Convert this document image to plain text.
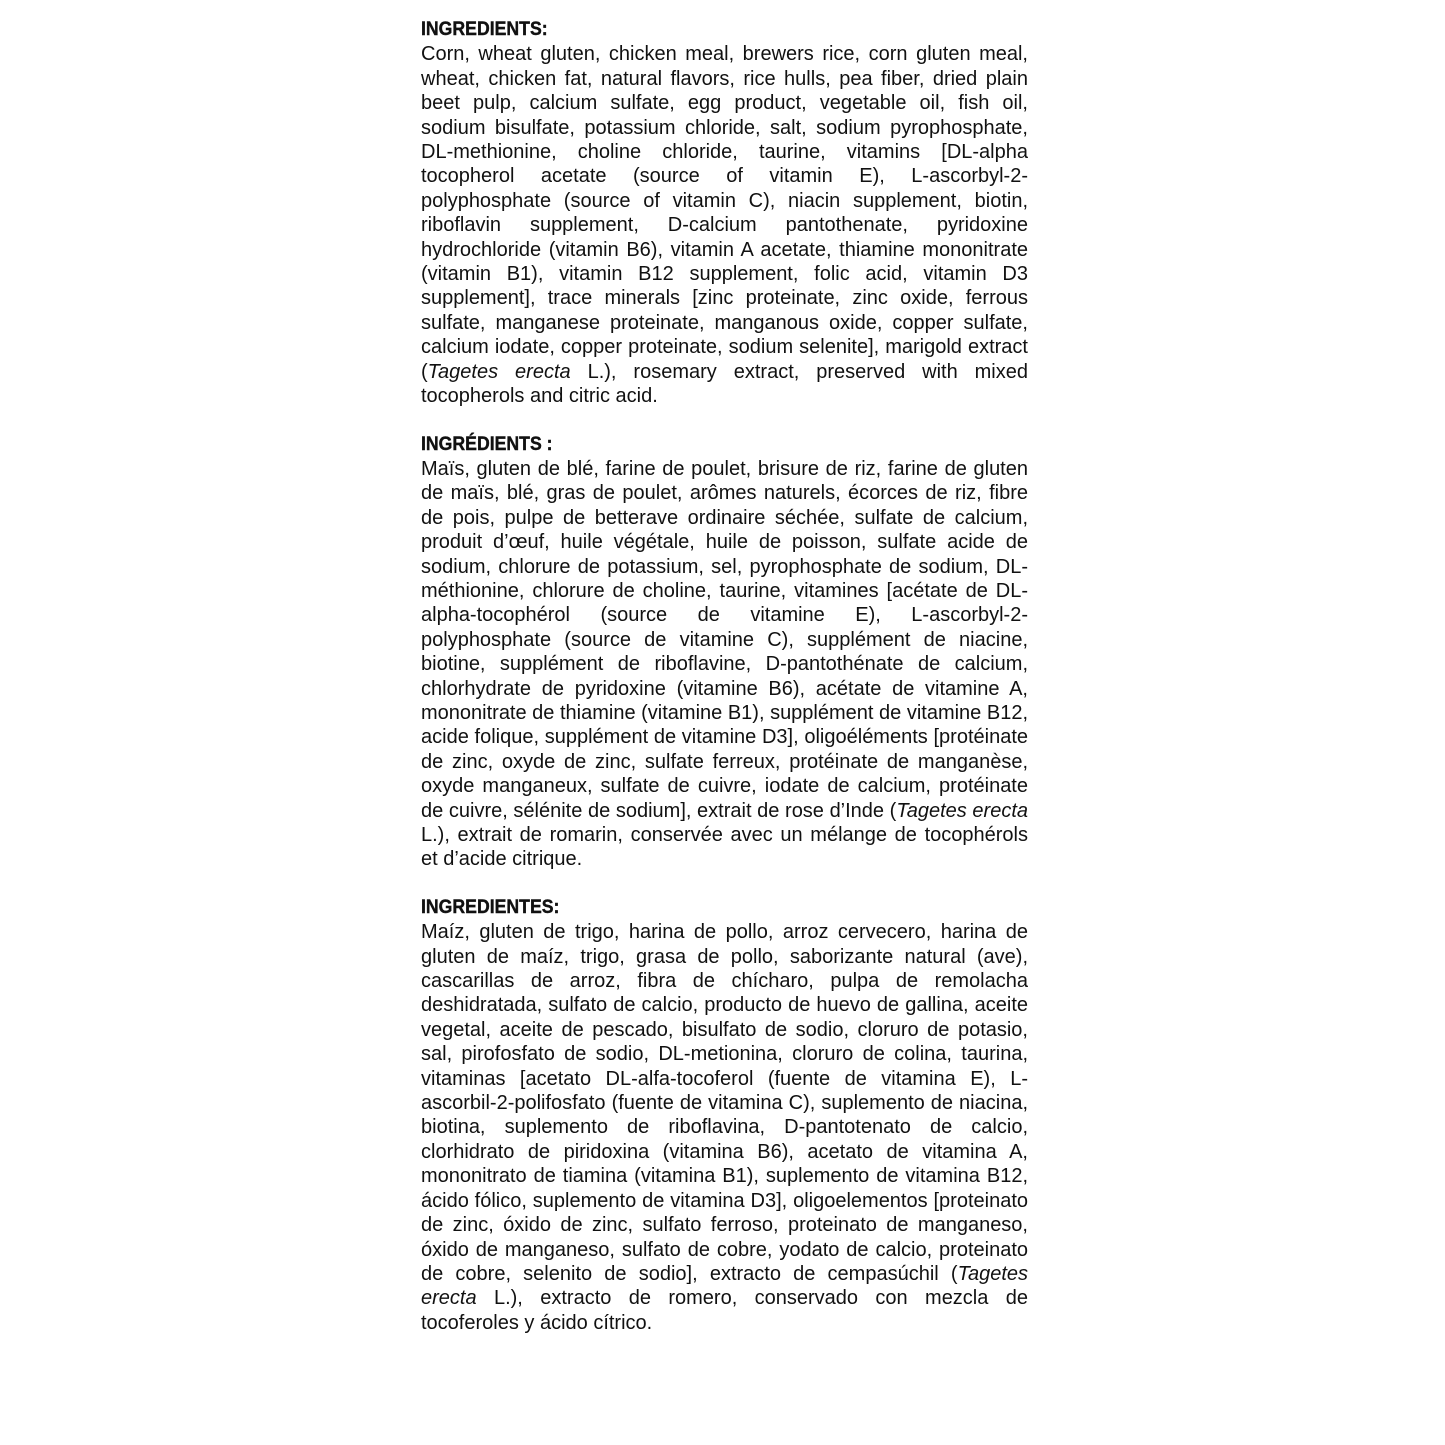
INGREDIENTS:
Corn, wheat gluten, chicken meal, brewers rice, corn gluten meal, wheat, chicken fat, natural flavors, rice hulls, pea fiber, dried plain beet pulp, calcium sulfate, egg product, vegetable oil, fish oil, sodium bisulfate, potassium chloride, salt, sodium pyrophosphate, DL-methionine, choline chloride, taurine, vitamins [DL-alpha tocopherol acetate (source of vitamin E), L-ascorbyl-2-polyphosphate (source of vitamin C), niacin supplement, biotin, riboflavin supplement, D-calcium pantothenate, pyridoxine hydrochloride (vitamin B6), vitamin A acetate, thiamine mononitrate (vitamin B1), vitamin B12 supplement, folic acid, vitamin D3 supplement], trace minerals [zinc proteinate, zinc oxide, ferrous sulfate, manganese proteinate, manganous oxide, copper sulfate, calcium iodate, copper proteinate, sodium selenite], marigold extract (Tagetes erecta L.), rosemary extract, preserved with mixed tocopherols and citric acid.
INGRÉDIENTS :
Maïs, gluten de blé, farine de poulet, brisure de riz, farine de gluten de maïs, blé, gras de poulet, arômes naturels, écorces de riz, fibre de pois, pulpe de betterave ordinaire séchée, sulfate de calcium, produit d’œuf, huile végétale, huile de poisson, sulfate acide de sodium, chlorure de potassium, sel, pyrophosphate de sodium, DL-méthionine, chlorure de choline, taurine, vitamines [acétate de DL-alpha-tocophérol (source de vitamine E), L-ascorbyl-2-polyphosphate (source de vitamine C), supplément de niacine, biotine, supplément de riboflavine, D-pantothénate de calcium, chlorhydrate de pyridoxine (vitamine B6), acétate de vitamine A, mononitrate de thiamine (vitamine B1), supplément de vitamine B12, acide folique, supplément de vitamine D3], oligoéléments [protéinate de zinc, oxyde de zinc, sulfate ferreux, protéinate de manganèse, oxyde manganeux, sulfate de cuivre, iodate de calcium, protéinate de cuivre, sélénite de sodium], extrait de rose d’Inde (Tagetes erecta L.), extrait de romarin, conservée avec un mélange de tocophérols et d’acide citrique.
INGREDIENTES:
Maíz, gluten de trigo, harina de pollo, arroz cervecero, harina de gluten de maíz, trigo, grasa de pollo, saborizante natural (ave), cascarillas de arroz, fibra de chícharo, pulpa de remolacha deshidratada, sulfato de calcio, producto de huevo de gallina, aceite vegetal, aceite de pescado, bisulfato de sodio, cloruro de potasio, sal, pirofosfato de sodio, DL-metionina, cloruro de colina, taurina, vitaminas [acetato DL-alfa-tocoferol (fuente de vitamina E), L-ascorbil-2-polifosfato (fuente de vitamina C), suplemento de niacina, biotina, suplemento de riboflavina, D-pantotenato de calcio, clorhidrato de piridoxina (vitamina B6), acetato de vitamina A, mononitrato de tiamina (vitamina B1), suplemento de vitamina B12, ácido fólico, suplemento de vitamina D3], oligoelementos [proteinato de zinc, óxido de zinc, sulfato ferroso, proteinato de manganeso, óxido de manganeso, sulfato de cobre, yodato de calcio, proteinato de cobre, selenito de sodio], extracto de cempasúchil (Tagetes erecta L.), extracto de romero, conservado con mezcla de tocoferoles y ácido cítrico.
